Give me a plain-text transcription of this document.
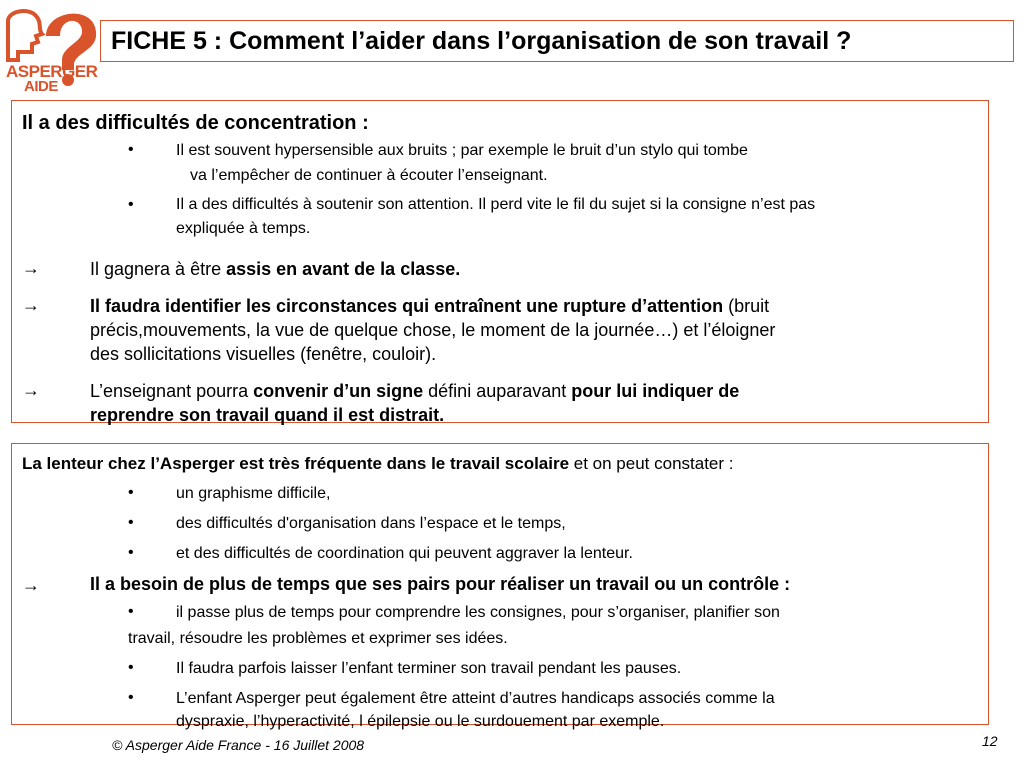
ASPERGER
AIDE
FICHE 5 : Comment l’aider dans l’organisation de son travail ?
Il a des difficultés de concentration :
•	Il est souvent hypersensible aux bruits ; par exemple le bruit d’un stylo qui tombe
va l’empêcher de continuer à écouter l’enseignant.
•	Il a des difficultés à soutenir son attention. Il perd vite le fil du sujet si la consigne n’est pas
expliquée à temps.
→	Il gagnera à être assis en avant de la classe.
→	Il faudra identifier les circonstances qui entraînent une rupture d’attention (bruit
précis,mouvements, la vue de quelque chose, le moment de la journée…) et l’éloigner
des sollicitations visuelles (fenêtre, couloir).
→	L’enseignant pourra convenir d’un signe défini auparavant pour lui indiquer de
reprendre son travail quand il est distrait.
La lenteur chez l’Asperger est très fréquente dans le travail scolaire et on peut constater :
•	un graphisme difficile,
•	des difficultés d'organisation dans l’espace et le temps,
•	et des difficultés de coordination qui peuvent aggraver la lenteur.
→	Il a besoin de plus de temps que ses pairs pour réaliser un travail ou un contrôle :
•	il passe plus de temps pour comprendre les consignes, pour s’organiser, planifier son
travail, résoudre les problèmes et exprimer ses idées.
•	Il faudra parfois laisser l’enfant terminer son travail pendant les pauses.
•	L’enfant Asperger peut également être atteint d’autres handicaps associés comme la
dyspraxie, l’hyperactivité, l épilepsie ou le surdouement par exemple.
© Asperger Aide France - 16 Juillet 2008	12
